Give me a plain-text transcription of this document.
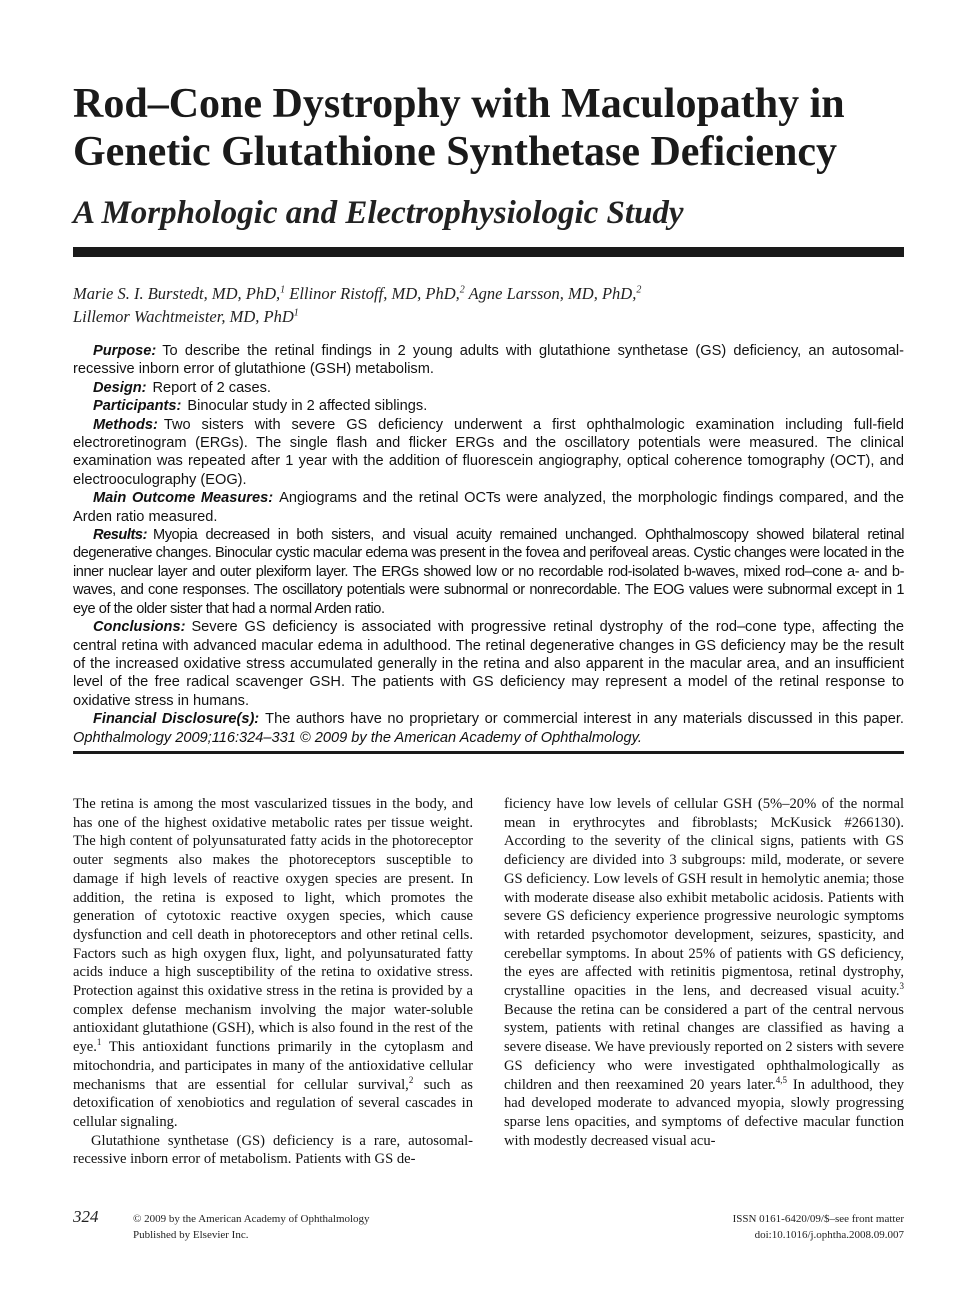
Rod–Cone Dystrophy with Maculopathy in
Genetic Glutathione Synthetase Deficiency
A Morphologic and Electrophysiologic Study
Marie S. I. Burstedt, MD, PhD,$^1$ Ellinor Ristoff, MD, PhD,$^2$ Agne Larsson, MD, PhD,$^2$
Lillemor Wachtmeister, MD, PhD$^1$

Purpose: To describe the retinal findings in 2 young adults with glutathione synthetase (GS) deficiency, an autosomal-recessive inborn error of glutathione (GSH) metabolism.

Design: Report of 2 cases.

Participants: Binocular study in 2 affected siblings.

Methods: Two sisters with severe GS deficiency underwent a first ophthalmologic examination including full-field electroretinogram (ERGs). The single flash and flicker ERGs and the oscillatory potentials were measured. The clinical examination was repeated after 1 year with the addition of fluorescein angiography, optical coherence tomography (OCT), and electrooculography (EOG).

Main Outcome Measures: Angiograms and the retinal OCTs were analyzed, the morphologic findings compared, and the Arden ratio measured.

Results: Myopia decreased in both sisters, and visual acuity remained unchanged. Ophthalmoscopy showed bilateral retinal degenerative changes. Binocular cystic macular edema was present in the fovea and perifoveal areas. Cystic changes were located in the inner nuclear layer and outer plexiform layer. The ERGs showed low or no recordable rod-isolated b-waves, mixed rod–cone a- and b-waves, and cone responses. The oscillatory potentials were subnormal or nonrecordable. The EOG values were subnormal except in 1 eye of the older sister that had a normal Arden ratio.

Conclusions: Severe GS deficiency is associated with progressive retinal dystrophy of the rod–cone type, affecting the central retina with advanced macular edema in adulthood. The retinal degenerative changes in GS deficiency may be the result of the increased oxidative stress accumulated generally in the retina and also apparent in the macular area, and an insufficient level of the free radical scavenger GSH. The patients with GS deficiency may represent a model of the retinal response to oxidative stress in humans.

Financial Disclosure(s): The authors have no proprietary or commercial interest in any materials discussed in this paper. Ophthalmology 2009;116:324–331 © 2009 by the American Academy of Ophthalmology.

The retina is among the most vascularized tissues in the body, and has one of the highest oxidative metabolic rates per tissue weight. The high content of polyunsaturated fatty acids in the photoreceptor outer segments also makes the photoreceptors susceptible to damage if high levels of reactive oxygen species are present. In addition, the retina is exposed to light, which promotes the generation of cytotoxic reactive oxygen species, which cause dysfunction and cell death in photoreceptors and other retinal cells. Factors such as high oxygen flux, light, and polyunsaturated fatty acids induce a high susceptibility of the retina to oxidative stress. Protection against this oxidative stress in the retina is provided by a complex defense mechanism involving the major water-soluble antioxidant glutathione (GSH), which is also found in the rest of the eye.$^1$ This antioxidant functions primarily in the cytoplasm and mitochondria, and participates in many of the antioxidative cellular mechanisms that are essential for cellular survival,$^2$ such as detoxification of xenobiotics and regulation of several cascades in cellular signaling.

Glutathione synthetase (GS) deficiency is a rare, autosomal-recessive inborn error of metabolism. Patients with GS de-

ficiency have low levels of cellular GSH (5%–20% of the normal mean in erythrocytes and fibroblasts; McKusick #266130). According to the severity of the clinical signs, patients with GS deficiency are divided into 3 subgroups: mild, moderate, or severe GS deficiency. Low levels of GSH result in hemolytic anemia; those with moderate disease also exhibit metabolic acidosis. Patients with severe GS deficiency experience progressive neurologic symptoms with retarded psychomotor development, seizures, spasticity, and cerebellar symptoms. In about 25% of patients with GS deficiency, the eyes are affected with retinitis pigmentosa, retinal dystrophy, crystalline opacities in the lens, and decreased visual acuity.$^3$ Because the retina can be considered a part of the central nervous system, patients with retinal changes are classified as having a severe disease. We have previously reported on 2 sisters with severe GS deficiency who were investigated ophthalmologically as children and then reexamined 20 years later.$^{4,5}$ In adulthood, they had developed moderate to advanced myopia, slowly progressing sparse lens opacities, and symptoms of defective macular function with modestly decreased visual acu-

324	© 2009 by the American Academy of Ophthalmology
Published by Elsevier Inc.
ISSN 0161-6420/09/$–see front matter
doi:10.1016/j.ophtha.2008.09.007
